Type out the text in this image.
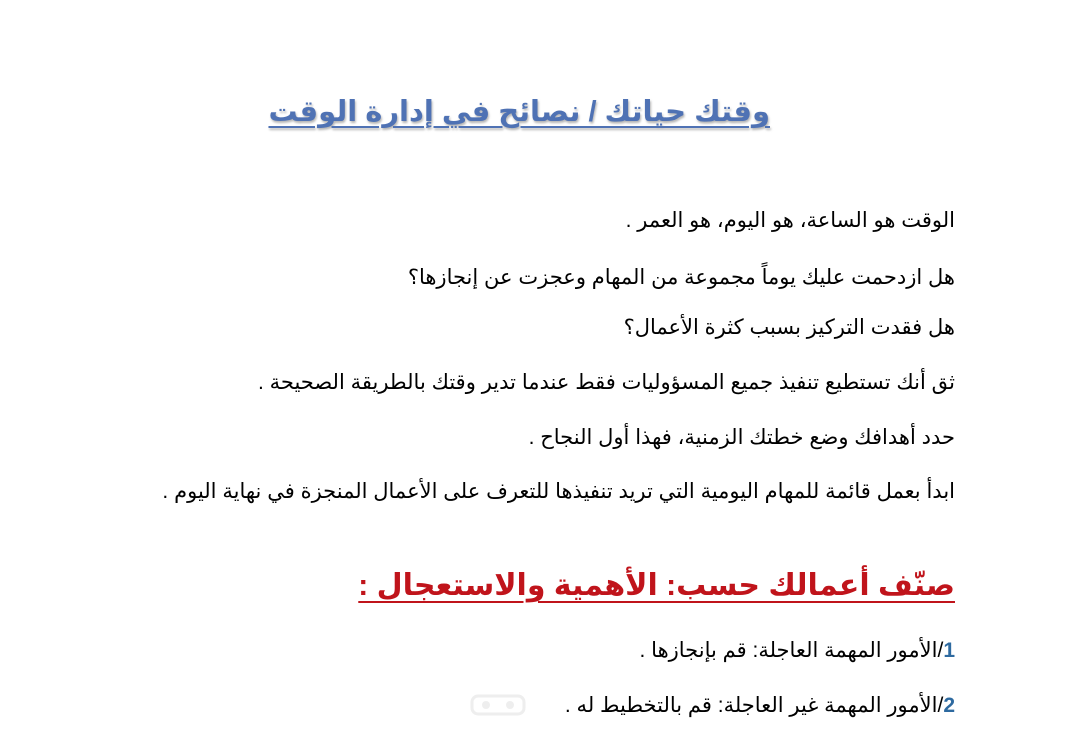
وقتك حياتك / نصائح في إدارة الوقت
الوقت هو الساعة، هو اليوم، هو العمر .
هل ازدحمت عليك يوماً مجموعة من المهام وعجزت عن إنجازها؟
هل فقدت التركيز بسبب كثرة الأعمال؟
ثق أنك تستطيع تنفيذ جميع المسؤوليات فقط عندما تدير وقتك بالطريقة الصحيحة .
حدد أهدافك وضع خطتك الزمنية، فهذا أول النجاح .
ابدأ بعمل قائمة للمهام اليومية التي تريد تنفيذها للتعرف على الأعمال المنجزة في نهاية اليوم .
صنّف أعمالك حسب: الأهمية والاستعجال :
1/الأمور المهمة العاجلة: قم بإنجازها .
2/الأمور المهمة غير العاجلة: قم بالتخطيط له .
